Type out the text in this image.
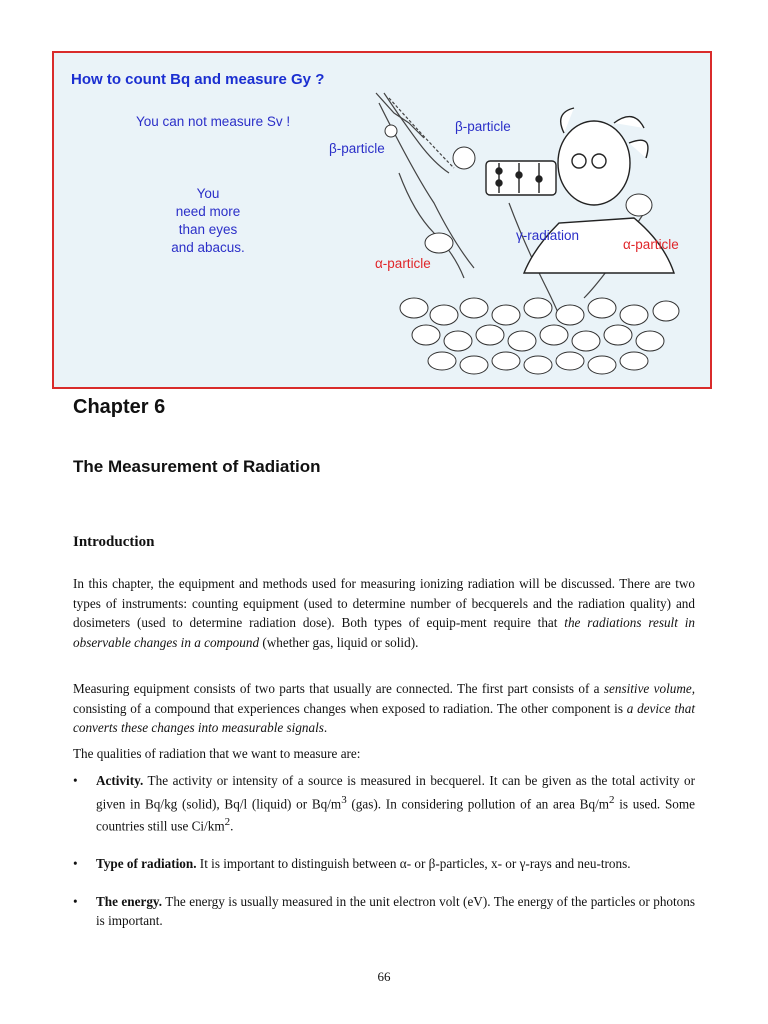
How to count Bq and measure Gy ?
You can not measure Sv !	β-particle
β-particle
γ-radiation
α-particle
α-particle
You
need more
than eyes
and abacus.
Chapter 6
The Measurement of Radiation
Introduction
In this chapter, the equipment and methods used for measuring ionizing radiation will be discussed. There are two types of instruments: counting equipment (used to determine number of becquerels and the radiation quality) and dosimeters (used to determine radiation dose). Both types of equip-ment require that the radiations result in observable changes in a compound (whether gas, liquid or solid).
Measuring equipment consists of two parts that usually are connected. The first part consists of a sensitive volume, consisting of a compound that experiences changes when exposed to radiation. The other component is a device that converts these changes into measurable signals.
The qualities of radiation that we want to measure are:
• Activity. The activity or intensity of a source is measured in becquerel. It can be given as the total activity or given in Bq/kg (solid), Bq/l (liquid) or $Bq/m^3$ (gas). In considering pollution of an area $Bq/m^2$ is used. Some countries still use $Ci/km^2$.
• Type of radiation. It is important to distinguish between α- or β-particles, x- or γ-rays and neu-trons.
• The energy. The energy is usually measured in the unit electron volt (eV). The energy of the particles or photons is important.
66
